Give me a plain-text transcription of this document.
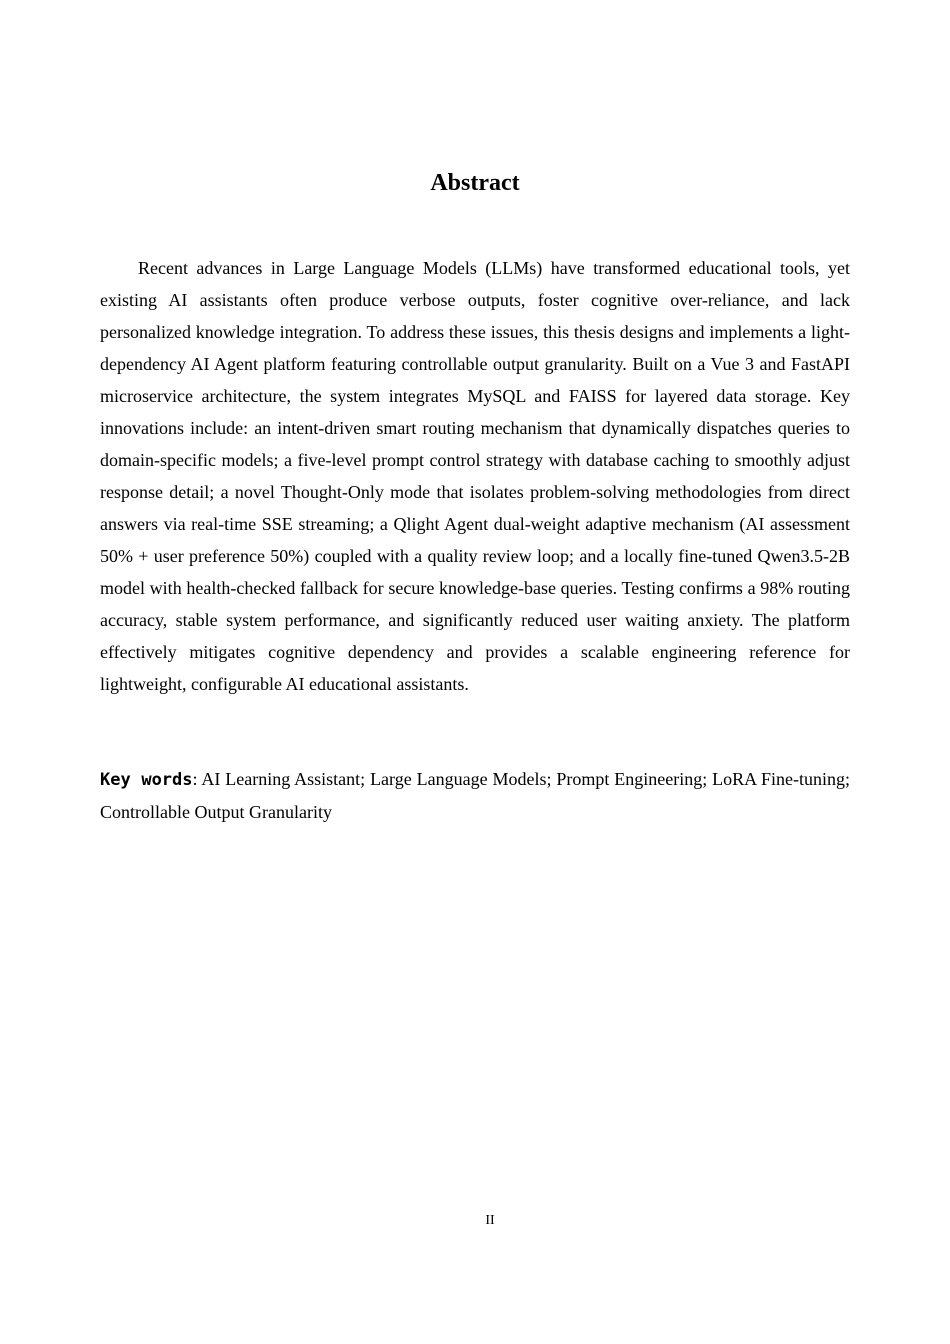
Abstract

Recent advances in Large Language Models (LLMs) have transformed educational tools, yet existing AI assistants often produce verbose outputs, foster cognitive over-reliance, and lack personalized knowledge integration. To address these issues, this thesis designs and implements a light-dependency AI Agent platform featuring controllable output granularity. Built on a Vue 3 and FastAPI microservice architecture, the system integrates MySQL and FAISS for layered data storage. Key innovations include: an intent-driven smart routing mechanism that dynamically dispatches queries to domain-specific models; a five-level prompt control strategy with database caching to smoothly adjust response detail; a novel Thought-Only mode that isolates problem-solving methodologies from direct answers via real-time SSE streaming; a Qlight Agent dual-weight adaptive mechanism (AI assessment 50% + user preference 50%) coupled with a quality review loop; and a locally fine-tuned Qwen3.5-2B model with health-checked fallback for secure knowledge-base queries. Testing confirms a 98% routing accuracy, stable system performance, and significantly reduced user waiting anxiety. The platform effectively mitigates cognitive dependency and provides a scalable engineering reference for lightweight, configurable AI educational assistants.

Key words: AI Learning Assistant; Large Language Models; Prompt Engineering; LoRA Fine-tuning; Controllable Output Granularity

II
